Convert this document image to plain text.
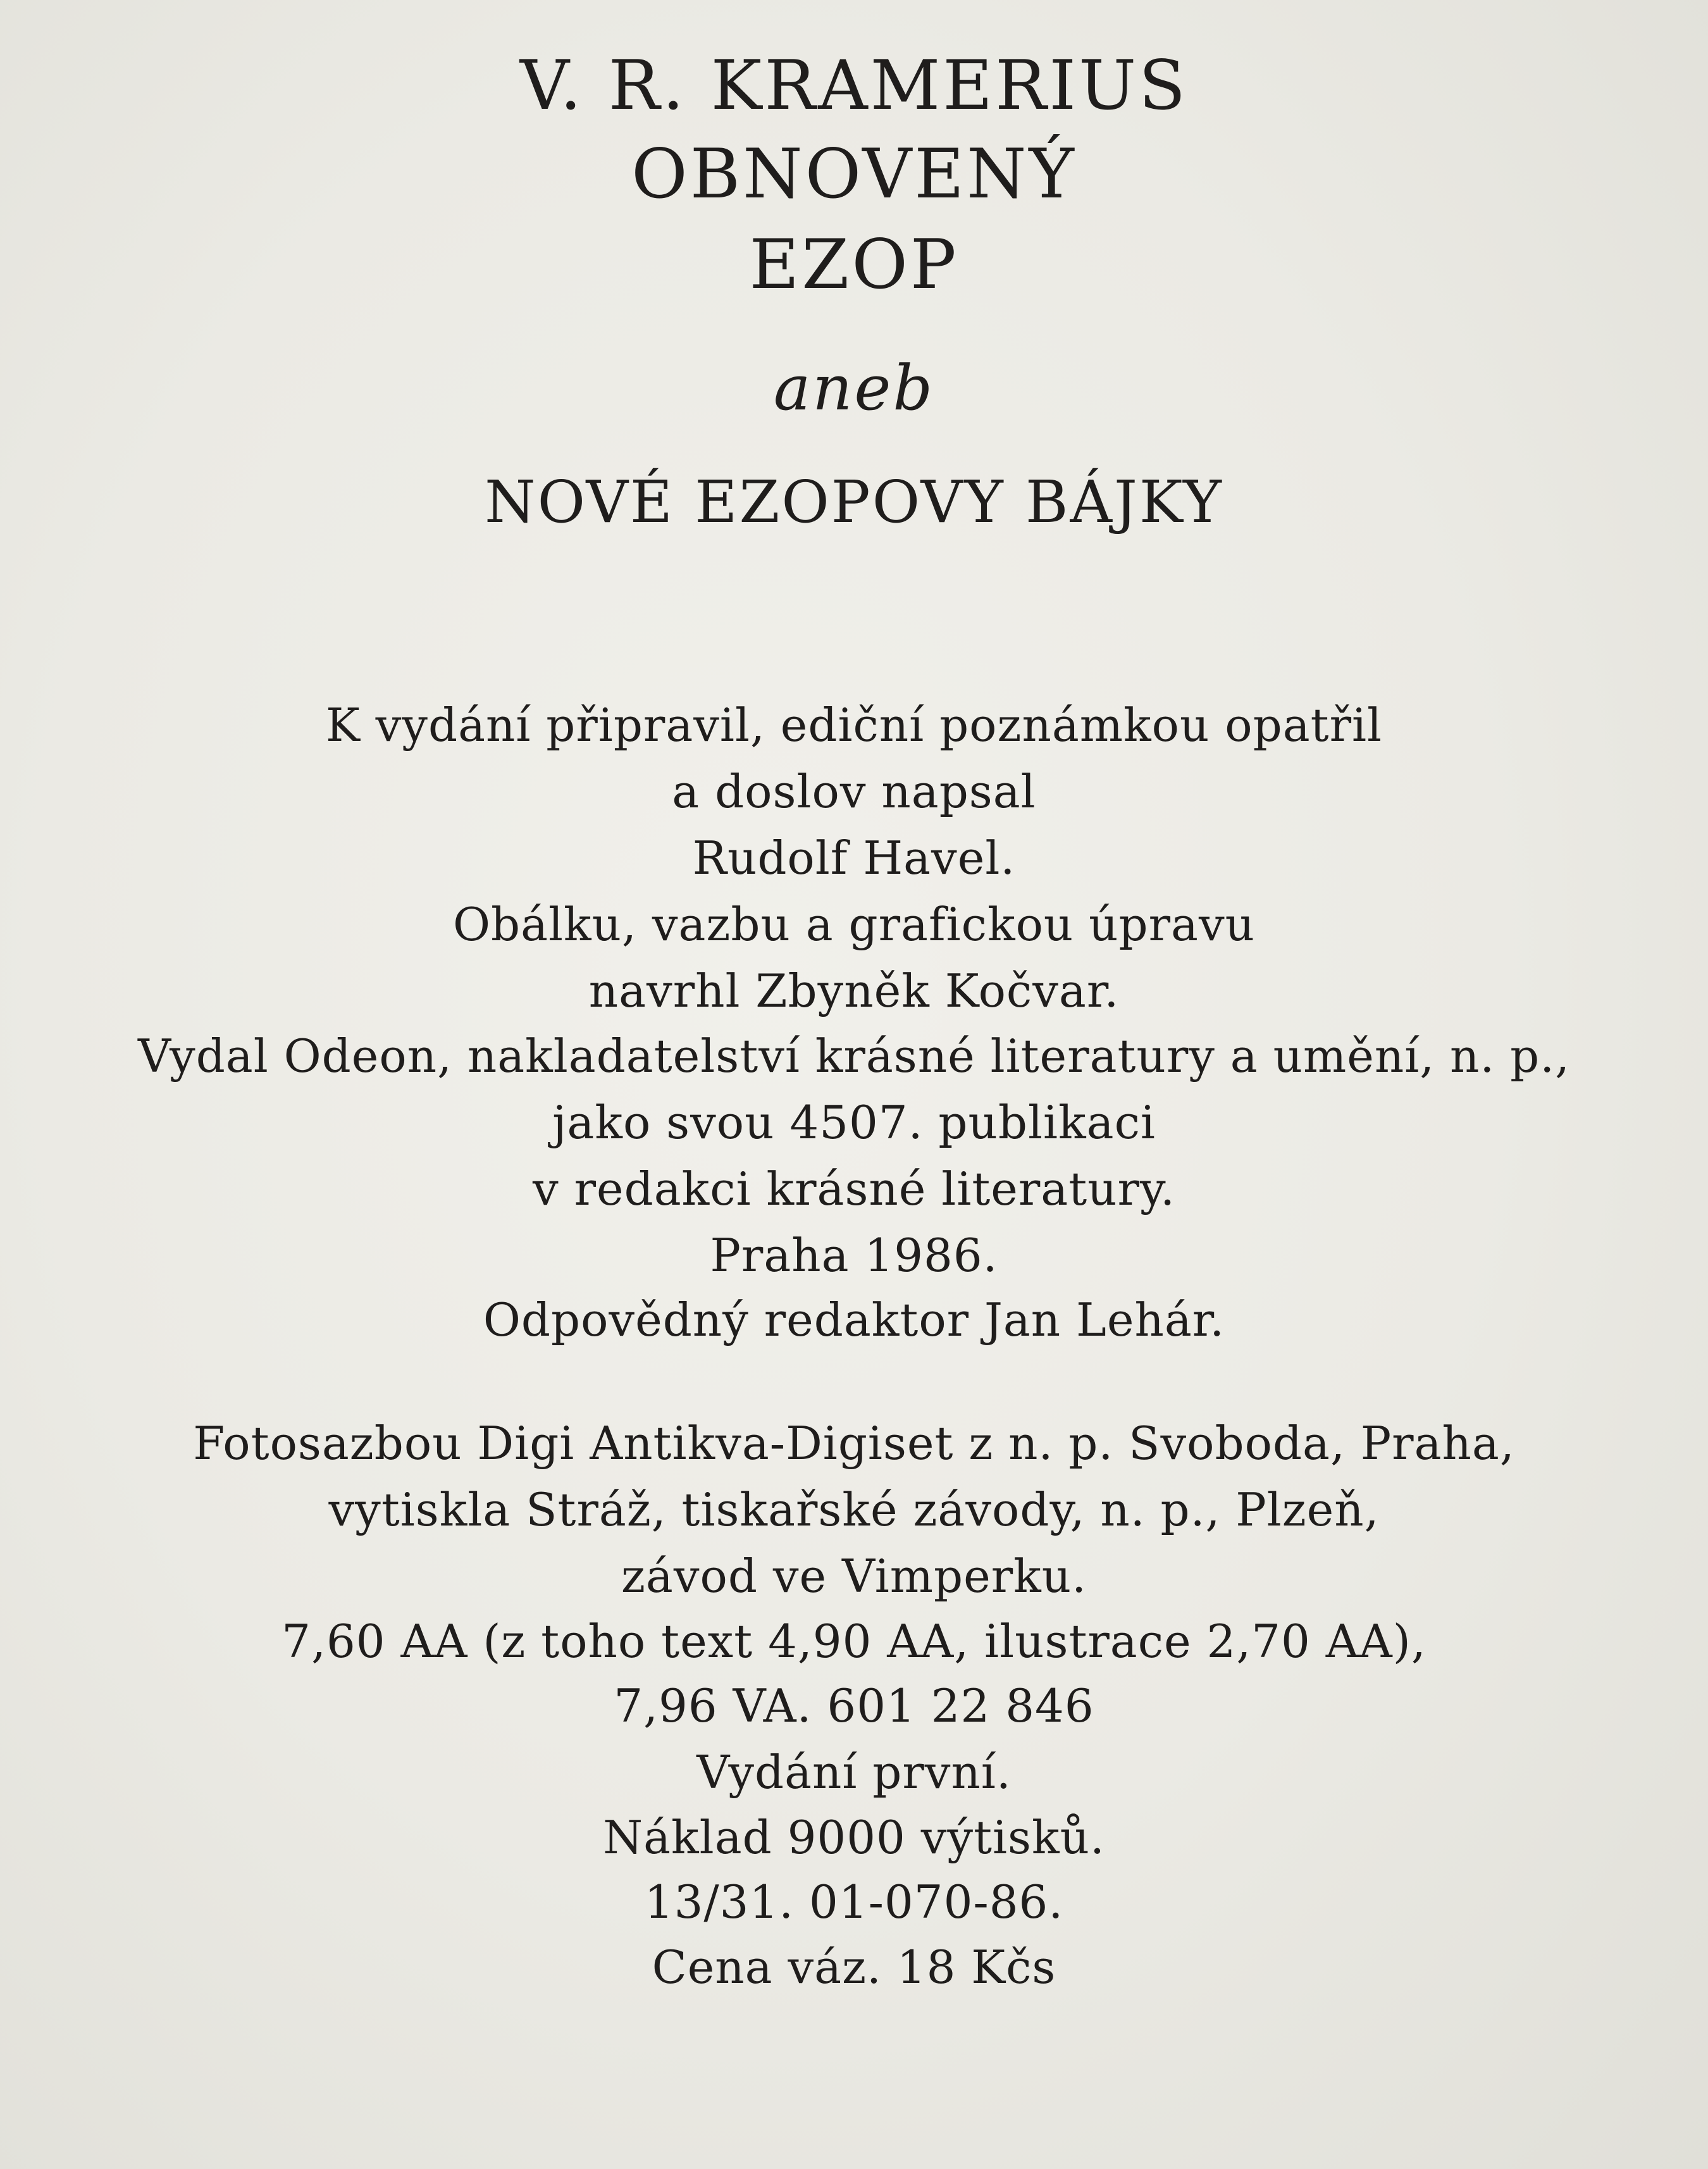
V. R. KRAMERIUS
OBNOVENÝ
EZOP
aneb
NOVÉ EZOPOVY BÁJKY
K vydání připravil, ediční poznámkou opatřil
a doslov napsal
Rudolf Havel.
Obálku, vazbu a grafickou úpravu
navrhl Zbyněk Kočvar.
Vydal Odeon, nakladatelství krásné literatury a umění, n. p.,
jako svou 4507. publikaci
v redakci krásné literatury.
Praha 1986.
Odpovědný redaktor Jan Lehár.
Fotosazbou Digi Antikva-Digiset z n. p. Svoboda, Praha,
vytiskla Stráž, tiskařské závody, n. p., Plzeň,
závod ve Vimperku.
7,60 AA (z toho text 4,90 AA, ilustrace 2,70 AA),
7,96 VA. 601 22 846
Vydání první.
Náklad 9000 výtisků.
13/31. 01-070-86.
Cena váz. 18 Kčs
